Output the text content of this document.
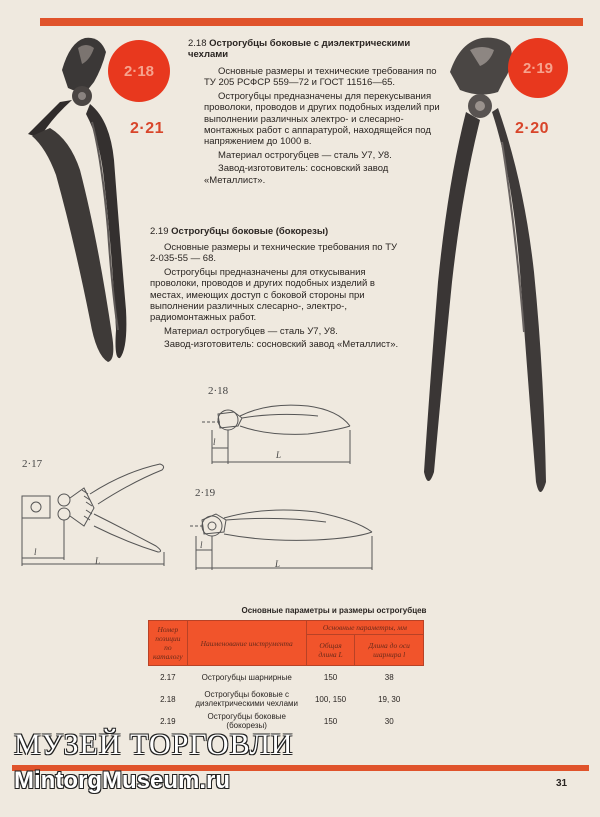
2·18	2·19
2·21	2·20
2.18 Острогубцы боковые с диэлектрическими чехлами

Основные размеры и технические требования по ТУ 205 РСФСР 559—72 и ГОСТ 11516—65.

Острогубцы предназначены для перекусывания проволоки, проводов и других подобных изделий при выполнении различных электро- и слесарно-монтажных работ с аппаратурой, находящейся под напряжением до 1000 в.

Материал острогубцев — сталь У7, У8.

Завод-изготовитель: сосновский завод «Металлист».

2.19 Острогубцы боковые (бокорезы)

Основные размеры и технические требования по ТУ 2-035-55 — 68.

Острогубцы предназначены для откусывания проволоки, проводов и других подобных изделий в местах, имеющих доступ с боковой стороны при выполнении различных слесарно-, электро-, радиомонтажных работ.

Материал острогубцев — сталь У7, У8.

Завод-изготовитель: сосновский завод «Металлист».

2·18
2·17
2·19
l
L
l
L
l
L
Основные параметры и размеры острогубцев
Номер позиции по каталогу	Наименование инструмента	Основные параметры, мм	
		Общая длина L	Длина до оси шарнира l
2.17	Острогубцы шарнирные	150	38
2.18	Острогубцы боковые с диэлектрическими чехлами	100, 150	19, 30
2.19	Острогубцы боковые (бокорезы)	150	30
МУЗЕЙ ТОРГОВЛИ
MintorgMuseum.ru	31
